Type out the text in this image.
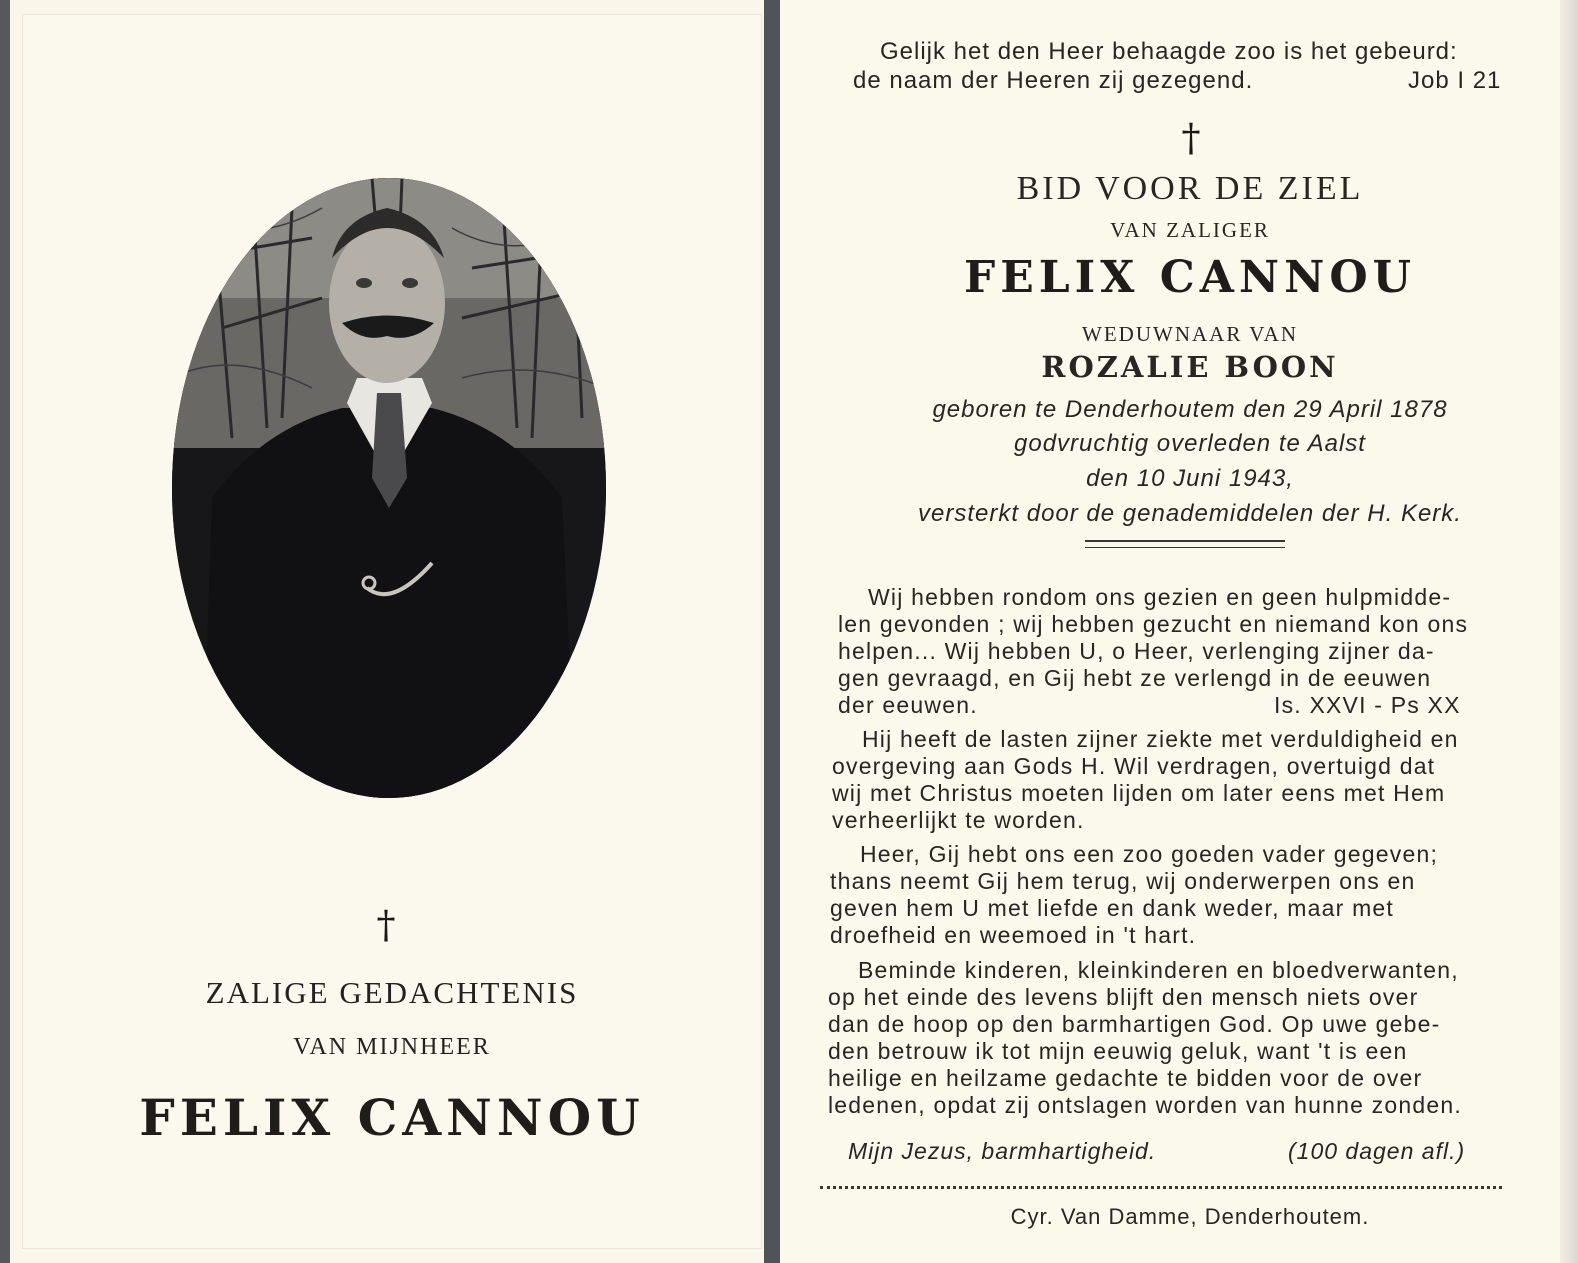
†
ZALIGE GEDACHTENIS
VAN MIJNHEER
FELIX CANNOU
Gelijk het den Heer behaagde zoo is het gebeurd:
de naam der Heeren zij gezegend.	Job I 21
†
BID VOOR DE ZIEL
VAN ZALIGER
FELIX CANNOU
WEDUWNAAR VAN
ROZALIE BOON
geboren te Denderhoutem den 29 April 1878
godvruchtig overleden te Aalst
den 10 Juni 1943,
versterkt door de genademiddelen der H. Kerk.
Wij hebben rondom ons gezien en geen hulpmidde-
len gevonden ; wij hebben gezucht en niemand kon ons
helpen... Wij hebben U, o Heer, verlenging zijner da-
gen gevraagd, en Gij hebt ze verlengd in de eeuwen
der eeuwen.	Is. XXVI - Ps XX
Hij heeft de lasten zijner ziekte met verduldigheid en
overgeving aan Gods H. Wil verdragen, overtuigd dat
wij met Christus moeten lijden om later eens met Hem
verheerlijkt te worden.
Heer, Gij hebt ons een zoo goeden vader gegeven;
thans neemt Gij hem terug, wij onderwerpen ons en
geven hem U met liefde en dank weder, maar met
droefheid en weemoed in 't hart.
Beminde kinderen, kleinkinderen en bloedverwanten,
op het einde des levens blijft den mensch niets over
dan de hoop op den barmhartigen God. Op uwe gebe-
den betrouw ik tot mijn eeuwig geluk, want 't is een
heilige en heilzame gedachte te bidden voor de over
ledenen, opdat zij ontslagen worden van hunne zonden.
Mijn Jezus, barmhartigheid.	(100 dagen afl.)
Cyr. Van Damme, Denderhoutem.
